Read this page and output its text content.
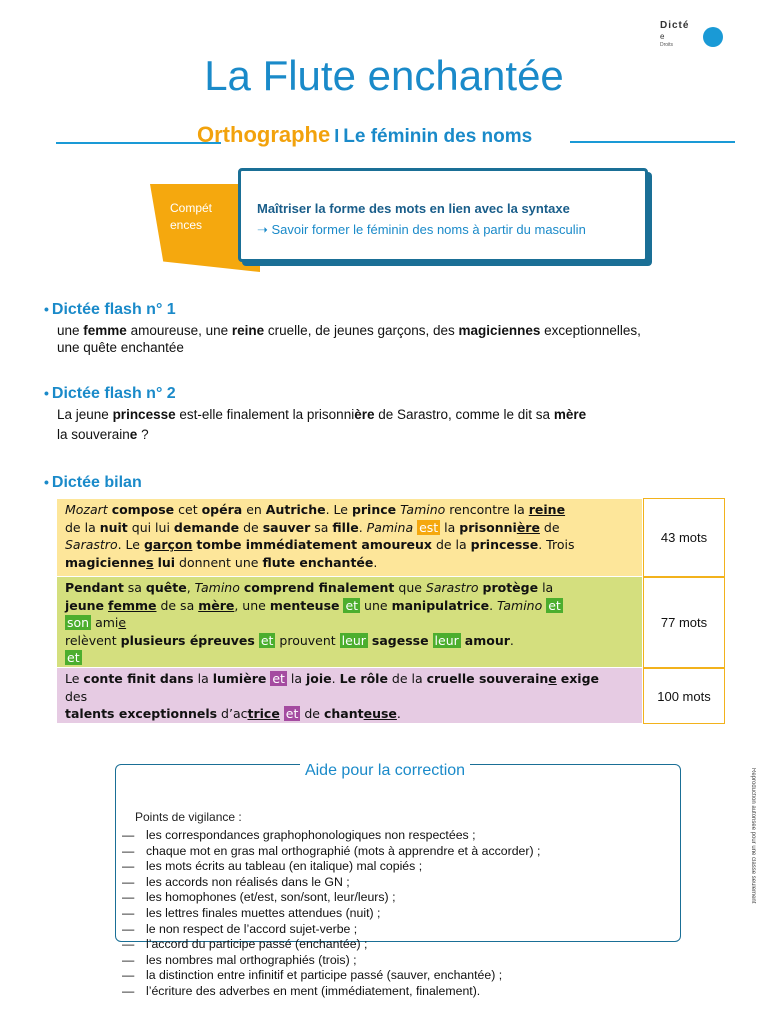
Dicté
e
Droits
La Flute enchantée
Orthographe I Le féminin des noms
Compét ences
Maîtriser la forme des mots en lien avec la syntaxe
➝ Savoir former le féminin des noms à partir du masculin
• Dictée flash n° 1
une femme amoureuse, une reine cruelle, de jeunes garçons, des magiciennes exceptionnelles,
une quête enchantée
• Dictée flash n° 2
La jeune princesse est-elle finalement la prisonnière de Sarastro, comme le dit sa mère
la souveraine ?
• Dictée bilan
Mozart compose cet opéra en Autriche. Le prince Tamino rencontre la reine
de la nuit qui lui demande de sauver sa fille. Pamina est la prisonnière de
Sarastro. Le garçon tombe immédiatement amoureux de la princesse. Trois
magiciennes lui donnent une flute enchantée.
43 mots
Pendant sa quête, Tamino comprend finalement que Sarastro protège la
jeune femme de sa mère, une menteuse et une manipulatrice. Tamino et
son amie
relèvent plusieurs épreuves et prouvent leur sagesse leur amour.
et
77 mots
Le conte finit dans la lumière et la joie. Le rôle de la cruelle souveraine exige
des
talents exceptionnels d’actrice et de chanteuse.
100 mots
Aide pour la correction
Points de vigilance :
— les correspondances graphophonologiques non respectées ;
— chaque mot en gras mal orthographié (mots à apprendre et à accorder) ;
— les mots écrits au tableau (en italique) mal copiés ;
— les accords non réalisés dans le GN ;
— les homophones (et/est, son/sont, leur/leurs) ;
— les lettres finales muettes attendues (nuit) ;
— le non respect de l’accord sujet-verbe ;
— l’accord du participe passé (enchantée) ;
— les nombres mal orthographiés (trois) ;
— la distinction entre infinitif et participe passé (sauver, enchantée) ;
— l’écriture des adverbes en ment (immédiatement, finalement).
Reproduction autorisée pour une classe seulement
